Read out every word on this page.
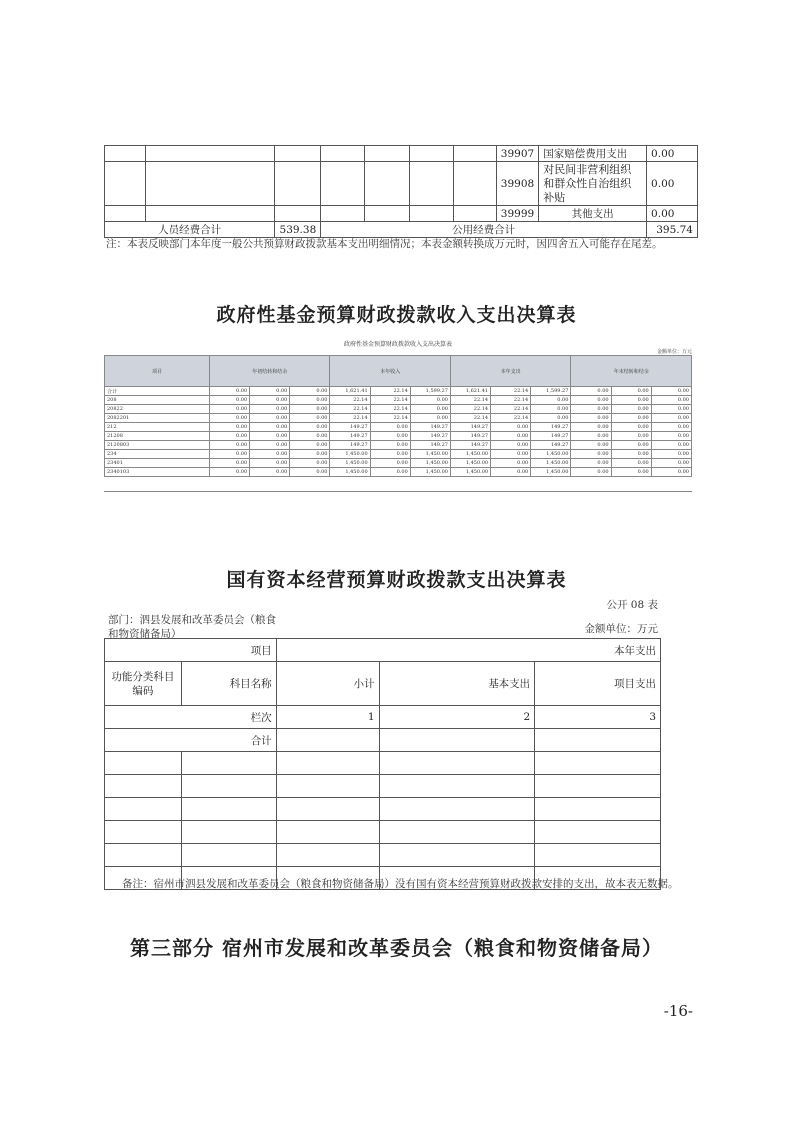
							39907	国家赔偿费用支出	0.00
							39908	对民间非营利组织和群众性自治组织补贴	0.00
							39999	其他支出	0.00
人员经费合计		539.38	公用经费合计						395.74
注：本表反映部门本年度一般公共预算财政拨款基本支出明细情况；本表金额转换成万元时，因四舍五入可能存在尾差。
政府性基金预算财政拨款收入支出决算表
政府性基金预算财政拨款收入支出决算表
金额单位：万元
项目	年初结转和结余			本年收入			本年支出			年末结转和结余		
合计	0.00	0.00	0.00	1,621.41	22.14	1,599.27	1,621.41	22.14	1,599.27	0.00	0.00	0.00
208	0.00	0.00	0.00	22.14	22.14	0.00	22.14	22.14	0.00	0.00	0.00	0.00
20822	0.00	0.00	0.00	22.14	22.14	0.00	22.14	22.14	0.00	0.00	0.00	0.00
2082201	0.00	0.00	0.00	22.14	22.14	0.00	22.14	22.14	0.00	0.00	0.00	0.00
212	0.00	0.00	0.00	149.27	0.00	149.27	149.27	0.00	149.27	0.00	0.00	0.00
21208	0.00	0.00	0.00	149.27	0.00	149.27	149.27	0.00	149.27	0.00	0.00	0.00
2120803	0.00	0.00	0.00	149.27	0.00	149.27	149.27	0.00	149.27	0.00	0.00	0.00
234	0.00	0.00	0.00	1,450.00	0.00	1,450.00	1,450.00	0.00	1,450.00	0.00	0.00	0.00
23401	0.00	0.00	0.00	1,450.00	0.00	1,450.00	1,450.00	0.00	1,450.00	0.00	0.00	0.00
2340103	0.00	0.00	0.00	1,450.00	0.00	1,450.00	1,450.00	0.00	1,450.00	0.00	0.00	0.00
国有资本经营预算财政拨款支出决算表
公开 08 表
部门：泗县发展和改革委员会（粮食和物资储备局）	金额单位：万元
项目		本年支出		
功能分类科目编码	科目名称	小计	基本支出	项目支出
栏次		1	2	3
合计				

备注：宿州市泗县发展和改革委员会（粮食和物资储备局）没有国有资本经营预算财政拨款安排的支出，故本表无数据。
第三部分 宿州市发展和改革委员会（粮食和物资储备局）
-16-
